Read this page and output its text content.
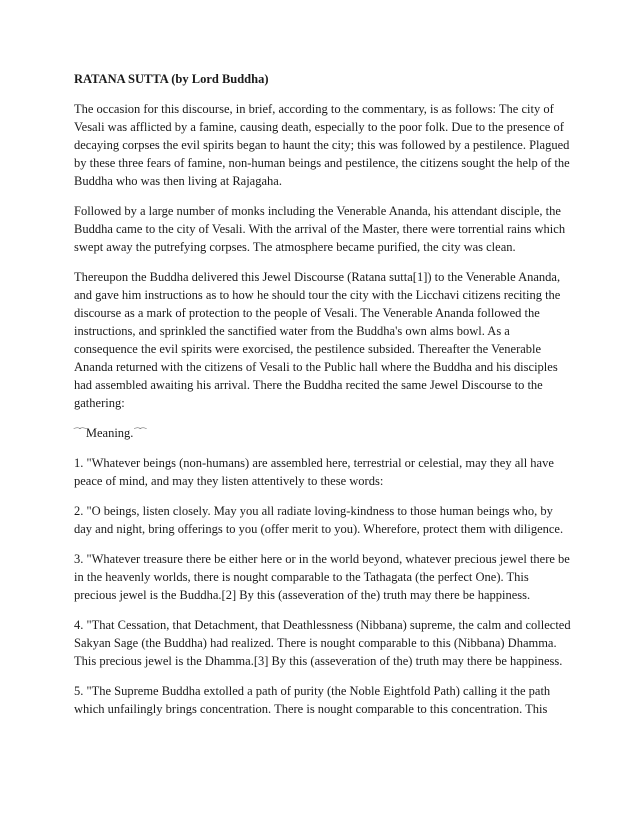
RATANA SUTTA (by Lord Buddha)

The occasion for this discourse, in brief, according to the commentary, is as follows: The city of Vesali was afflicted by a famine, causing death, especially to the poor folk. Due to the presence of decaying corpses the evil spirits began to haunt the city; this was followed by a pestilence. Plagued by these three fears of famine, non-human beings and pestilence, the citizens sought the help of the Buddha who was then living at Rajagaha.

Followed by a large number of monks including the Venerable Ananda, his attendant disciple, the Buddha came to the city of Vesali. With the arrival of the Master, there were torrential rains which swept away the putrefying corpses. The atmosphere became purified, the city was clean.

Thereupon the Buddha delivered this Jewel Discourse (Ratana sutta[1]) to the Venerable Ananda, and gave him instructions as to how he should tour the city with the Licchavi citizens reciting the discourse as a mark of protection to the people of Vesali. The Venerable Ananda followed the instructions, and sprinkled the sanctified water from the Buddha's own alms bowl. As a consequence the evil spirits were exorcised, the pestilence subsided. Thereafter the Venerable Ananda returned with the citizens of Vesali to the Public hall where the Buddha and his disciples had assembled awaiting his arrival. There the Buddha recited the same Jewel Discourse to the gathering:

⁀⁀ Meaning. ⁀⁀

1. "Whatever beings (non-humans) are assembled here, terrestrial or celestial, may they all have peace of mind, and may they listen attentively to these words:

2. "O beings, listen closely. May you all radiate loving-kindness to those human beings who, by day and night, bring offerings to you (offer merit to you). Wherefore, protect them with diligence.

3. "Whatever treasure there be either here or in the world beyond, whatever precious jewel there be in the heavenly worlds, there is nought comparable to the Tathagata (the perfect One). This precious jewel is the Buddha.[2] By this (asseveration of the) truth may there be happiness.

4. "That Cessation, that Detachment, that Deathlessness (Nibbana) supreme, the calm and collected Sakyan Sage (the Buddha) had realized. There is nought comparable to this (Nibbana) Dhamma. This precious jewel is the Dhamma.[3] By this (asseveration of the) truth may there be happiness.

5. "The Supreme Buddha extolled a path of purity (the Noble Eightfold Path) calling it the path which unfailingly brings concentration. There is nought comparable to this concentration. This
